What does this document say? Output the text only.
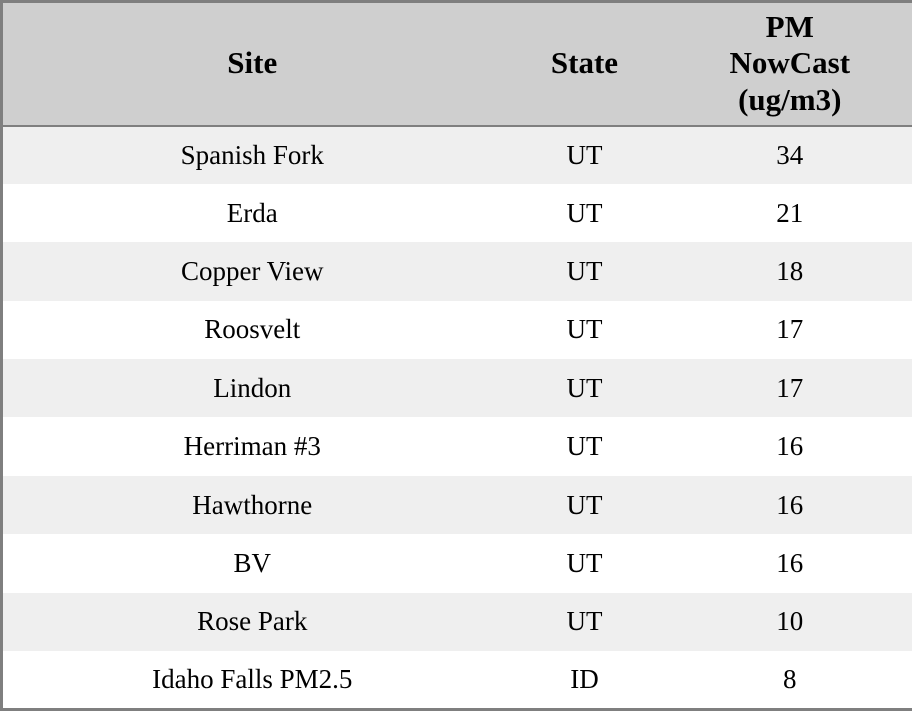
Site	State	PM
NowCast
(ug/m3)

Spanish Fork	UT	34
Erda	UT	21
Copper View	UT	18
Roosvelt	UT	17
Lindon	UT	17
Herriman #3	UT	16
Hawthorne	UT	16
BV	UT	16
Rose Park	UT	10
Idaho Falls PM2.5	ID	8
